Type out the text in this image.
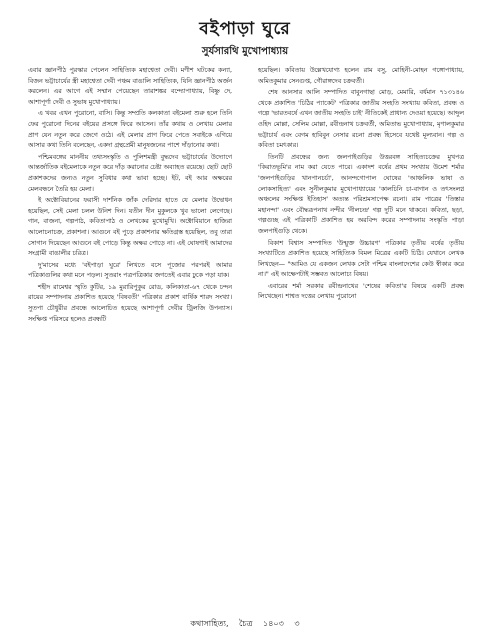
বইপাড়া ঘুরে
সুর্যসারথি মুখোপাধ্যায়

এবার জ্ঞানপীঠ পুরস্কার পেলেন সাহিত্যিক মহাশ্বেতা দেবী। মণীশ ঘটকের কন্যা, বিজন ভট্টাচার্যের স্ত্রী মহাশ্বেতা দেবী পঞ্চম বাঙালি সাহিত্যিক, যিনি জ্ঞানপীঠ অর্জন করলেন। এর আগে এই সম্মান পেয়েছেন তারাশঙ্কর বন্দ্যোপাধ্যায়, বিষ্ণু দে, আশাপূর্ণা দেবী ও সুভাষ মুখোপাধ্যায়।

এ খবর এখন পুরোনো, বাসি। কিন্তু সম্প্রতি কলকাতা বইমেলা শুরু হলে তিনি ফের পুরোনো দিনের বইয়ের প্রসঙ্গে ফিরে আসেন। তাঁর কথায় ও লেখায় মেলার প্রাণ যেন নতুন করে জেগে ওঠে। এই মেলার প্রাণ ফিরে পেতে সবাইকে এগিয়ে আসার কথা তিনি বলেছেন, একদা গ্রন্থপ্রেমী মানুষজনের পাশে দাঁড়ানোর কথা।

পশ্চিমবঙ্গের মাননীয় তথ্যসংস্কৃতি ও পুলিশমন্ত্রী বুদ্ধদেব ভট্টাচার্যের উদ্যোগে আন্তর্জাতিক বইমেলাকে নতুন করে দাঁড় করানোর চেষ্টা অব্যাহত রয়েছে। ছোট ছোট প্রকাশকদের জন্যও নতুন সুবিধার কথা ভাবা হচ্ছে। ইট, বই আর অক্ষরের মেলবন্ধনে তৈরি হয় মেলা।

ই অক্টোবিয়ানের ফরাসী দার্শনিক জাঁক দেরিদার হাতে যে মেলার উদ্বোধন হয়েছিল, সেই মেলা চলল উনিশ দিন। যতীন দীন মুকুলকে খুব ভালো লেগেছে। গান, বাজনা, গল্পপাঠ, কবিতাপাঠ ও লেখকের মুখোমুখি। অক্টোবিয়ানে হাজিরা আলোচনাচক্র, প্রকাশনা। আগুনে বই পুড়ে প্রকাশনার ক্ষতিগ্রস্ত হয়েছিল, তবু তারা সোগান দিয়েছেন আগুনে বই পোড়ে কিন্তু অক্ষর পোড়ে না। এই ঘোষণাই আমাদের সংগ্রামী বাঙালীর চরিত্র।

দু'মাসের মধ্যে 'বইপাড়া ঘুরে' লিখতে বসে পূজোর পরপরই আমার পত্রিকাগুলির কথা মনে পড়ল। সুতরাং পত্রপত্রিকার জগতেই এবার ঢুকে পড়া যাক।

শহীদ রামেশ্বর স্মৃতি কুটির, ১৯ মুরারিপুকুর রোড, কলিকাতা-৬৭ থেকে চন্দন রায়ের সম্পাদনায় প্রকাশিত হয়েছে 'বিষবতী' পত্রিকার প্রকাশ বার্ষিক শারদ সংখ্যা। সুতপা চৌধুরীর প্রবন্ধে আলোচিত হয়েছে আশাপূর্ণা দেবীর ট্রিলজি উপন্যাস। সংক্ষিপ্ত পরিসরে হলেও প্রবন্ধটি

হয়েছিল। কবিতায় উল্লেখযোগ্য হলেন রাম বসু, মোহিনী-মোহন গঙ্গোপাধ্যায়, অমিতকুমার সেনগুপ্ত, গৌরাঙ্গদেব চক্রবর্তী।

শেষ আনসার আলি সম্পাদিত বাবুনগাছা মোড়, মেমারি, বর্ধমান ৭১৩১৪৬ থেকে প্রকাশিত 'চিঠির প্যাকেট' পত্রিকার জাতীয় সংহতি সংখ্যায় কবিতা, প্রবন্ধ ও গল্পে 'ভারতবর্ষে এখন জাতীয় সংহতি চাই' নীতিকেই প্রাধান্য দেওয়া হয়েছে। আব্দুল ওহিদ মোল্লা, সেলিম মোল্লা, রবীন্দ্রনাথ চক্রবর্তী, অমিতাভ মুখোপাধ্যায়, মৃণালকুমার ভট্টাচার্য এবং বেগম হাবিবুন নেসার রচনা প্রবন্ধ হিসেবে যথেষ্ট মূল্যবান। গল্প ও কবিতা চমৎকার।

তিনটি প্রবন্ধের জন্য জলপাইগুড়ির উত্তরবঙ্গ সাহিত্যচক্রের মুখপত্র 'কিরাতভূমি'র নাম করা যেতে পারে। একাদশ বর্ষের প্রথম সংখ্যায় উমেশ শর্মার 'জলপাইগুড়ির খানপানচর্চা', আনন্দগোপাল ঘোষের 'আঞ্চলিক ভাষা ও লোকসাহিত্য' এবং সুনীলকুমার মুখোপাধ্যায়ের 'কালচিনি চা-বাগান ও তৎসংলগ্ন অঞ্চলের সংক্ষিপ্ত ইতিহাস' অত্যন্ত পরিশ্রমসাপেক্ষ রচনা। রাম পাত্রের 'তিস্তার মহানন্দা' এবং বৌদ্ধরূপনাথ নন্দীর 'নীলচন্দ্র' গল্প দুটি মনে থাকবে। কবিতা, ছড়া, গল্পগুচ্ছ এই পত্রিকাটি প্রকাশিত হয় অরবিন্দ করের সম্পাদনায় সংস্কৃতি পাড়া জলপাইগুড়ি থেকে।

বিকাশ বিশ্বাস সম্পাদিত 'উন্মুক্ত উচ্চারণ' পত্রিকার তৃতীয় বর্ষের তৃতীয় সংখ্যাটিতে প্রকাশিত হয়েছে সাহিত্যিক বিমল মিত্রের একটি চিঠি। যেখানে লেখক লিখছেন— "আমিও যে একজন লেখক সেটা পশ্চিম বাংলাদেশের কেউ স্বীকার করে না।" এই আক্ষেপটাই সম্ভবত আলোচ্য বিষয়।

এবারের শর্মা সরকার রবীন্দ্রনাথের 'শেষের কবিতা'র বিষয়ে একটি প্রবন্ধ লিখেছেন। শাশ্বত দত্তের লেখায় পুরোনো

কথাসাহিত্য, চৈত্র ১৪০৩ ৩
